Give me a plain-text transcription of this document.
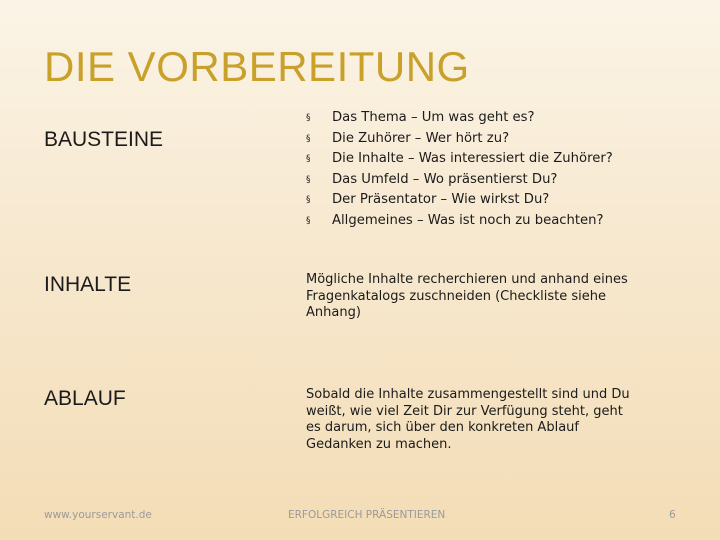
DIE VORBEREITUNG
BAUSTEINE
§	Das Thema – Um was geht es?
§	Die Zuhörer – Wer hört zu?
§	Die Inhalte – Was interessiert die Zuhörer?
§	Das Umfeld – Wo präsentierst Du?
§	Der Präsentator – Wie wirkst Du?
§	Allgemeines – Was ist noch zu beachten?
INHALTE	Mögliche Inhalte recherchieren und anhand eines Fragenkatalogs zuschneiden (Checkliste siehe Anhang)

ABLAUF	Sobald die Inhalte zusammengestellt sind und Du weißt, wie viel Zeit Dir zur Verfügung steht, geht es darum, sich über den konkreten Ablauf Gedanken zu machen.

www.yourservant.de	ERFOLGREICH PRÄSENTIEREN	6
